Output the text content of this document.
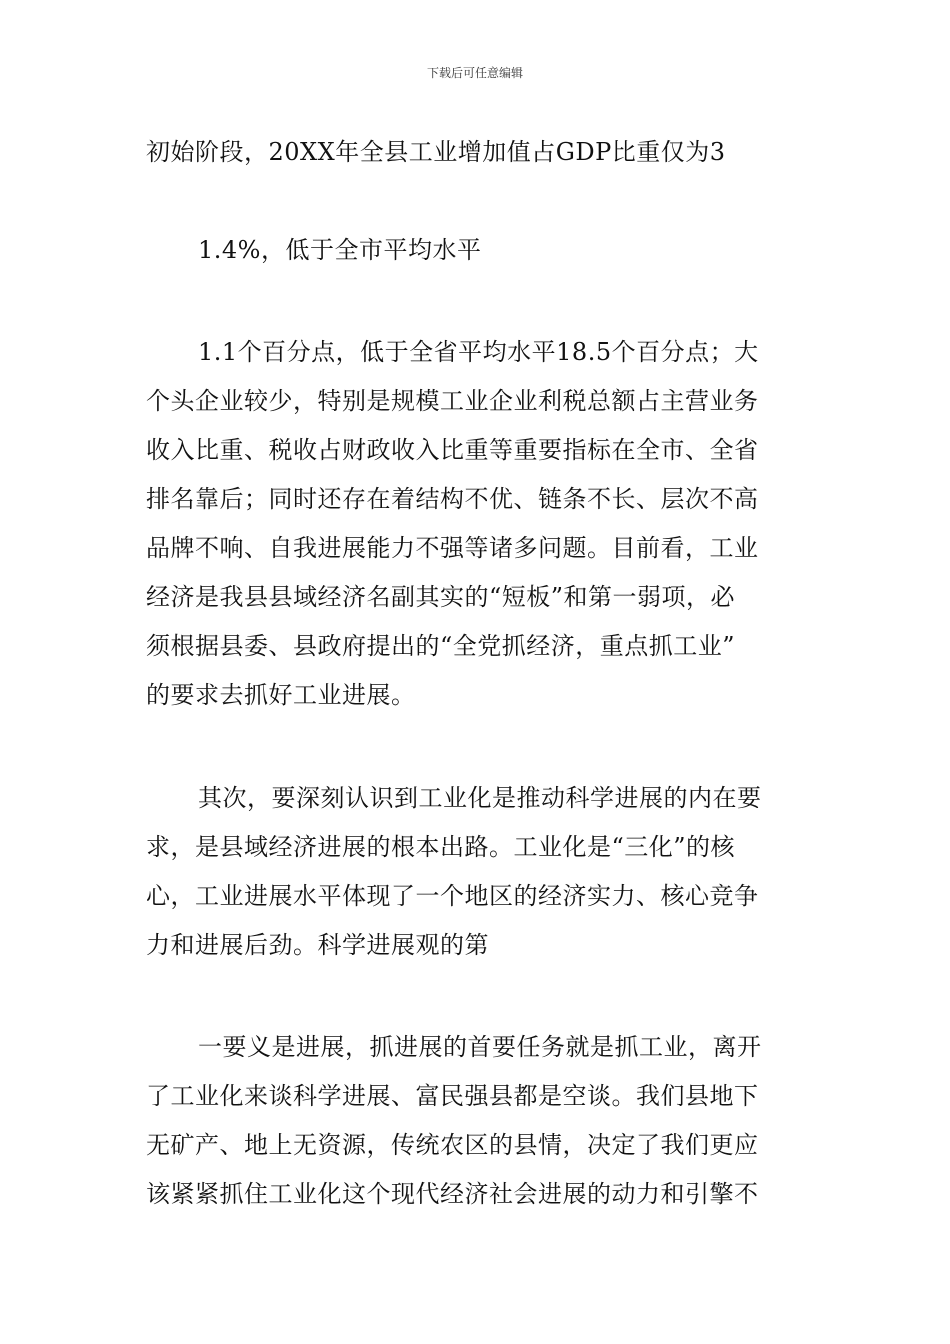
下载后可任意编辑
初始阶段，20XX年全县工业增加值占GDP比重仅为3
1.4%，低于全市平均水平
1.1个百分点，低于全省平均水平18.5个百分点；大
个头企业较少，特别是规模工业企业利税总额占主营业务
收入比重、税收占财政收入比重等重要指标在全市、全省
排名靠后；同时还存在着结构不优、链条不长、层次不高
品牌不响、自我进展能力不强等诸多问题。目前看，工业
经济是我县县域经济名副其实的“短板”和第一弱项，必
须根据县委、县政府提出的“全党抓经济，重点抓工业”
的要求去抓好工业进展。
其次，要深刻认识到工业化是推动科学进展的内在要
求，是县域经济进展的根本出路。工业化是“三化”的核
心，工业进展水平体现了一个地区的经济实力、核心竞争
力和进展后劲。科学进展观的第
一要义是进展，抓进展的首要任务就是抓工业，离开
了工业化来谈科学进展、富民强县都是空谈。我们县地下
无矿产、地上无资源，传统农区的县情，决定了我们更应
该紧紧抓住工业化这个现代经济社会进展的动力和引擎不
